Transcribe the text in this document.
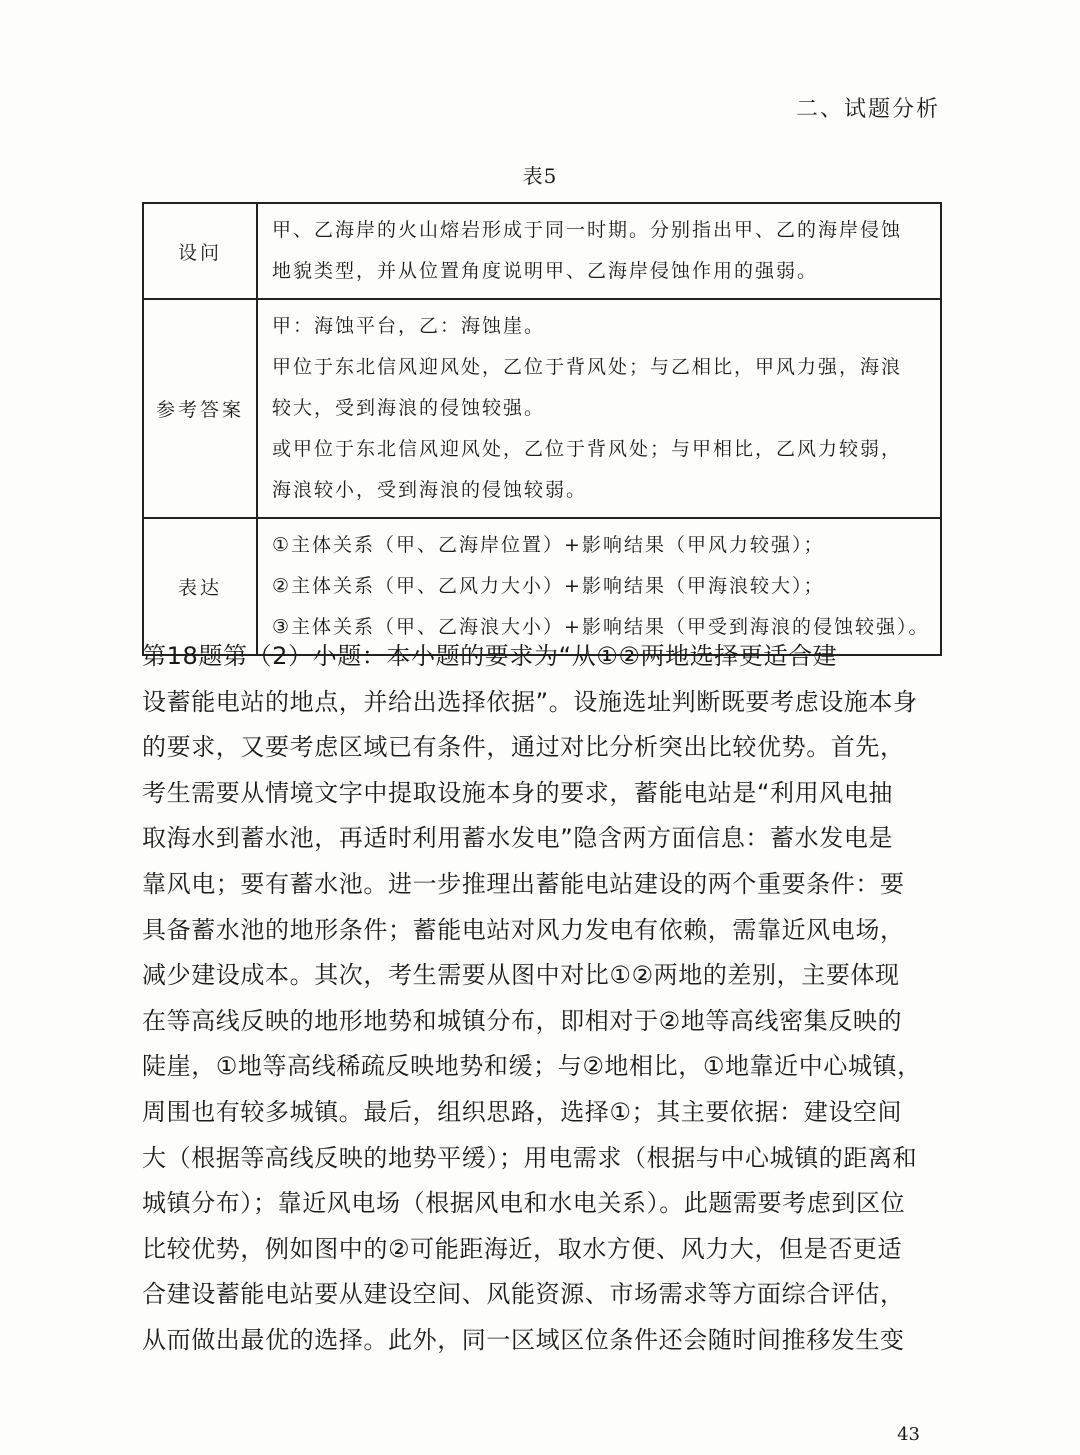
二、试题分析
表5
设问	甲、乙海岸的火山熔岩形成于同一时期。分别指出甲、乙的海岸侵蚀
地貌类型，并从位置角度说明甲、乙海岸侵蚀作用的强弱。

参考答案	甲：海蚀平台，乙：海蚀崖。
甲位于东北信风迎风处，乙位于背风处；与乙相比，甲风力强，海浪
较大，受到海浪的侵蚀较强。
或甲位于东北信风迎风处，乙位于背风处；与甲相比，乙风力较弱，
海浪较小，受到海浪的侵蚀较弱。

表达	①主体关系（甲、乙海岸位置）+影响结果（甲风力较强）；
②主体关系（甲、乙风力大小）+影响结果（甲海浪较大）；
③主体关系（甲、乙海浪大小）+影响结果（甲受到海浪的侵蚀较强）。
第18题第（2）小题：本小题的要求为“从①②两地选择更适合建
设蓄能电站的地点，并给出选择依据”。设施选址判断既要考虑设施本身
的要求，又要考虑区域已有条件，通过对比分析突出比较优势。首先，
考生需要从情境文字中提取设施本身的要求，蓄能电站是“利用风电抽
取海水到蓄水池，再适时利用蓄水发电”隐含两方面信息：蓄水发电是
靠风电；要有蓄水池。进一步推理出蓄能电站建设的两个重要条件：要
具备蓄水池的地形条件；蓄能电站对风力发电有依赖，需靠近风电场，
减少建设成本。其次，考生需要从图中对比①②两地的差别，主要体现
在等高线反映的地形地势和城镇分布，即相对于②地等高线密集反映的
陡崖，①地等高线稀疏反映地势和缓；与②地相比，①地靠近中心城镇，
周围也有较多城镇。最后，组织思路，选择①；其主要依据：建设空间
大（根据等高线反映的地势平缓）；用电需求（根据与中心城镇的距离和
城镇分布）；靠近风电场（根据风电和水电关系）。此题需要考虑到区位
比较优势，例如图中的②可能距海近，取水方便、风力大，但是否更适
合建设蓄能电站要从建设空间、风能资源、市场需求等方面综合评估，
从而做出最优的选择。此外，同一区域区位条件还会随时间推移发生变
43
